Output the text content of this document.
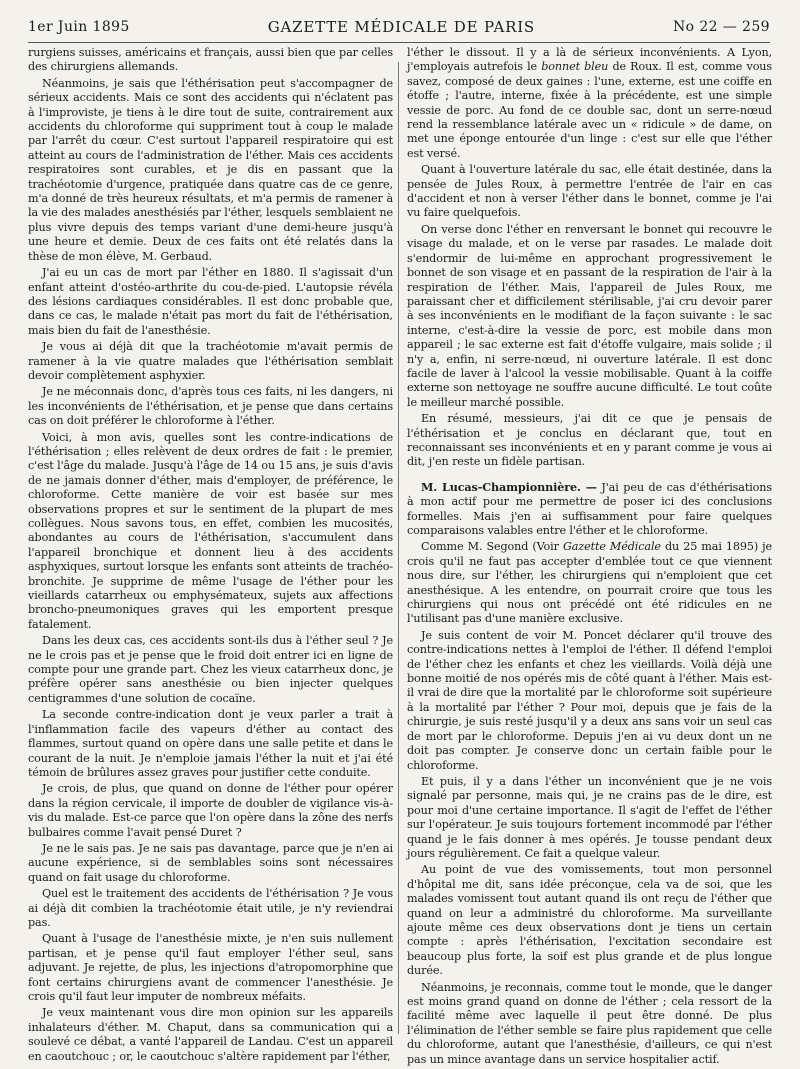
1er Juin 1895	GAZETTE MÉDICALE DE PARIS	No 22 — 259

rurgiens suisses, américains et français, aussi bien que par celles des chirurgiens allemands.

Néanmoins, je sais que l'éthérisation peut s'accompagner de sérieux accidents. Mais ce sont des accidents qui n'éclatent pas à l'improviste, je tiens à le dire tout de suite, contrairement aux accidents du chloroforme qui suppriment tout à coup le malade par l'arrêt du cœur. C'est surtout l'appareil respiratoire qui est atteint au cours de l'administration de l'éther. Mais ces accidents respiratoires sont curables, et je dis en passant que la trachéotomie d'urgence, pratiquée dans quatre cas de ce genre, m'a donné de très heureux résultats, et m'a permis de ramener à la vie des malades anesthésiés par l'éther, lesquels semblaient ne plus vivre depuis des temps variant d'une demi-heure jusqu'à une heure et demie. Deux de ces faits ont été relatés dans la thèse de mon élève, M. Gerbaud.

J'ai eu un cas de mort par l'éther en 1880. Il s'agissait d'un enfant atteint d'ostéo-arthrite du cou-de-pied. L'autopsie révéla des lésions cardiaques considérables. Il est donc probable que, dans ce cas, le malade n'était pas mort du fait de l'éthérisation, mais bien du fait de l'anesthésie.

Je vous ai déjà dit que la trachéotomie m'avait permis de ramener à la vie quatre malades que l'éthérisation semblait devoir complètement asphyxier.

Je ne méconnais donc, d'après tous ces faits, ni les dangers, ni les inconvénients de l'éthérisation, et je pense que dans certains cas on doit préférer le chloroforme à l'éther.

Voici, à mon avis, quelles sont les contre-indications de l'éthérisation ; elles relèvent de deux ordres de fait : le premier, c'est l'âge du malade. Jusqu'à l'âge de 14 ou 15 ans, je suis d'avis de ne jamais donner d'éther, mais d'employer, de préférence, le chloroforme. Cette manière de voir est basée sur mes observations propres et sur le sentiment de la plupart de mes collègues. Nous savons tous, en effet, combien les mucosités, abondantes au cours de l'éthérisation, s'accumulent dans l'appareil bronchique et donnent lieu à des accidents asphyxiques, surtout lorsque les enfants sont atteints de trachéo-bronchite. Je supprime de même l'usage de l'éther pour les vieillards catarrheux ou emphysémateux, sujets aux affections broncho-pneumoniques graves qui les emportent presque fatalement.

Dans les deux cas, ces accidents sont-ils dus à l'éther seul ? Je ne le crois pas et je pense que le froid doit entrer ici en ligne de compte pour une grande part. Chez les vieux catarrheux donc, je préfère opérer sans anesthésie ou bien injecter quelques centigrammes d'une solution de cocaïne.

La seconde contre-indication dont je veux parler a trait à l'inflammation facile des vapeurs d'éther au contact des flammes, surtout quand on opère dans une salle petite et dans le courant de la nuit. Je n'emploie jamais l'éther la nuit et j'ai été témoin de brûlures assez graves pour justifier cette conduite.

Je crois, de plus, que quand on donne de l'éther pour opérer dans la région cervicale, il importe de doubler de vigilance vis-à-vis du malade. Est-ce parce que l'on opère dans la zône des nerfs bulbaires comme l'avait pensé Duret ?

Je ne le sais pas. Je ne sais pas davantage, parce que je n'en ai aucune expérience, si de semblables soins sont nécessaires quand on fait usage du chloroforme.

Quel est le traitement des accidents de l'éthérisation ? Je vous ai déjà dit combien la trachéotomie était utile, je n'y reviendrai pas.

Quant à l'usage de l'anesthésie mixte, je n'en suis nullement partisan, et je pense qu'il faut employer l'éther seul, sans adjuvant. Je rejette, de plus, les injections d'atropomorphine que font certains chirurgiens avant de commencer l'anesthésie. Je crois qu'il faut leur imputer de nombreux méfaits.

Je veux maintenant vous dire mon opinion sur les appareils inhalateurs d'éther. M. Chaput, dans sa communication qui a soulevé ce débat, a vanté l'appareil de Landau. C'est un appareil en caoutchouc ; or, le caoutchouc s'altère rapidement par l'éther,

l'éther le dissout. Il y a là de sérieux inconvénients. A Lyon, j'employais autrefois le bonnet bleu de Roux. Il est, comme vous savez, composé de deux gaines : l'une, externe, est une coiffe en étoffe ; l'autre, interne, fixée à la précédente, est une simple vessie de porc. Au fond de ce double sac, dont un serre-nœud rend la ressemblance latérale avec un « ridicule » de dame, on met une éponge entourée d'un linge : c'est sur elle que l'éther est versé.

Quant à l'ouverture latérale du sac, elle était destinée, dans la pensée de Jules Roux, à permettre l'entrée de l'air en cas d'accident et non à verser l'éther dans le bonnet, comme je l'ai vu faire quelquefois.

On verse donc l'éther en renversant le bonnet qui recouvre le visage du malade, et on le verse par rasades. Le malade doit s'endormir de lui-même en approchant progressivement le bonnet de son visage et en passant de la respiration de l'air à la respiration de l'éther. Mais, l'appareil de Jules Roux, me paraissant cher et difficilement stérilisable, j'ai cru devoir parer à ses inconvénients en le modifiant de la façon suivante : le sac interne, c'est-à-dire la vessie de porc, est mobile dans mon appareil ; le sac externe est fait d'étoffe vulgaire, mais solide ; il n'y a, enfin, ni serre-nœud, ni ouverture latérale. Il est donc facile de laver à l'alcool la vessie mobilisable. Quant à la coiffe externe son nettoyage ne souffre aucune difficulté. Le tout coûte le meilleur marché possible.

En résumé, messieurs, j'ai dit ce que je pensais de l'éthérisation et je conclus en déclarant que, tout en reconnaissant ses inconvénients et en y parant comme je vous ai dit, j'en reste un fidèle partisan.

M. Lucas-Championnière. — J'ai peu de cas d'éthérisations à mon actif pour me permettre de poser ici des conclusions formelles. Mais j'en ai suffisamment pour faire quelques comparaisons valables entre l'éther et le chloroforme.

Comme M. Segond (Voir Gazette Médicale du 25 mai 1895) je crois qu'il ne faut pas accepter d'emblée tout ce que viennent nous dire, sur l'éther, les chirurgiens qui n'emploient que cet anesthésique. A les entendre, on pourrait croire que tous les chirurgiens qui nous ont précédé ont été ridicules en ne l'utilisant pas d'une manière exclusive.

Je suis content de voir M. Poncet déclarer qu'il trouve des contre-indications nettes à l'emploi de l'éther. Il défend l'emploi de l'éther chez les enfants et chez les vieillards. Voilà déjà une bonne moitié de nos opérés mis de côté quant à l'éther. Mais est-il vrai de dire que la mortalité par le chloroforme soit supérieure à la mortalité par l'éther ? Pour moi, depuis que je fais de la chirurgie, je suis resté jusqu'il y a deux ans sans voir un seul cas de mort par le chloroforme. Depuis j'en ai vu deux dont un ne doit pas compter. Je conserve donc un certain faible pour le chloroforme.

Et puis, il y a dans l'éther un inconvénient que je ne vois signalé par personne, mais qui, je ne crains pas de le dire, est pour moi d'une certaine importance. Il s'agit de l'effet de l'éther sur l'opérateur. Je suis toujours fortement incommodé par l'éther quand je le fais donner à mes opérés. Je tousse pendant deux jours régulièrement. Ce fait a quelque valeur.

Au point de vue des vomissements, tout mon personnel d'hôpital me dit, sans idée préconçue, cela va de soi, que les malades vomissent tout autant quand ils ont reçu de l'éther que quand on leur a administré du chloroforme. Ma surveillante ajoute même ces deux observations dont je tiens un certain compte : après l'éthérisation, l'excitation secondaire est beaucoup plus forte, la soif est plus grande et de plus longue durée.

Néanmoins, je reconnais, comme tout le monde, que le danger est moins grand quand on donne de l'éther ; cela ressort de la facilité même avec laquelle il peut être donné. De plus l'élimination de l'éther semble se faire plus rapidement que celle du chloroforme, autant que l'anesthésie, d'ailleurs, ce qui n'est pas un mince avantage dans un service hospitalier actif.
